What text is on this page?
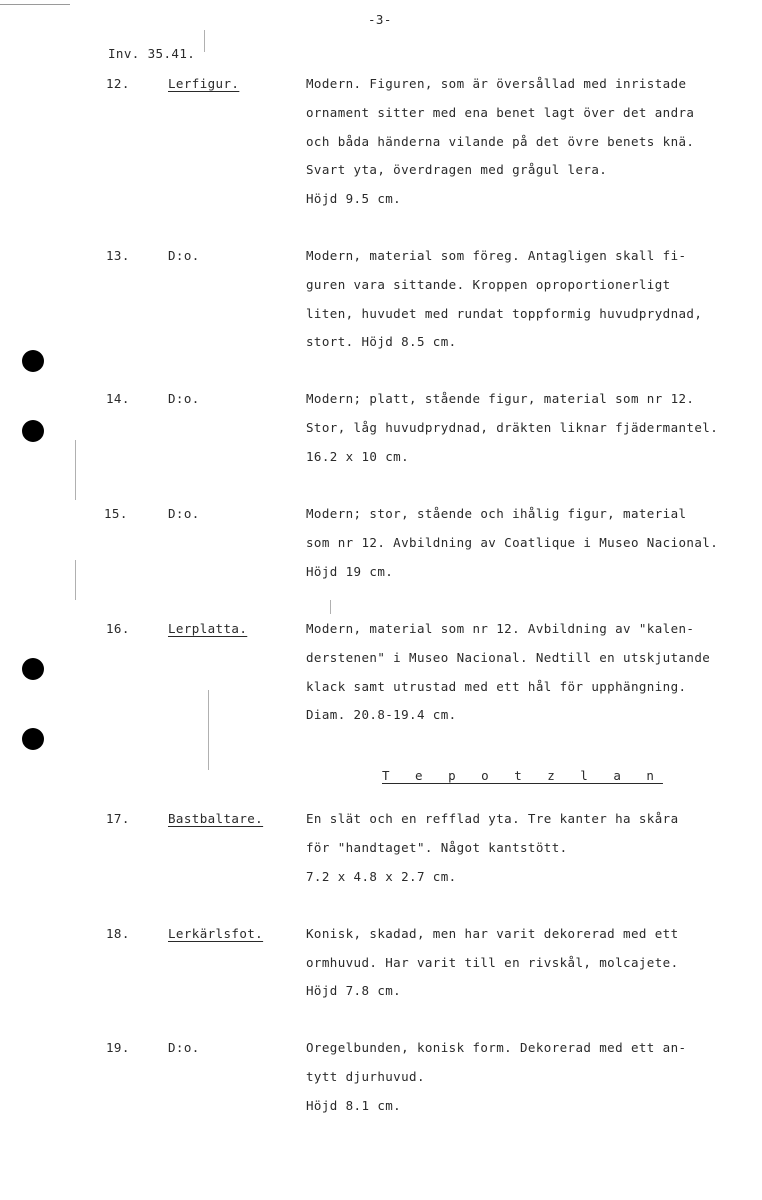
-3-
Inv. 35.41.
12.	Lerfigur.	Modern. Figuren, som är översållad med inristade
ornament sitter med ena benet lagt över det andra
och båda händerna vilande på det övre benets knä.
Svart yta, överdragen med grågul lera.
Höjd 9.5 cm.
13.	D:o.	Modern, material som föreg. Antagligen skall fi-
guren vara sittande. Kroppen oproportionerligt
liten, huvudet med rundat toppformig huvudprydnad,
stort. Höjd 8.5 cm.
14.	D:o.	Modern; platt, stående figur, material som nr 12.
Stor, låg huvudprydnad, dräkten liknar fjädermantel.
16.2 x 10 cm.
15.	D:o.	Modern; stor, stående och ihålig figur, material
som nr 12. Avbildning av Coatlique i Museo Nacional.
Höjd 19 cm.
16.	Lerplatta.	Modern, material som nr 12. Avbildning av "kalen-
derstenen" i Museo Nacional. Nedtill en utskjutande
klack samt utrustad med ett hål för upphängning.
Diam. 20.8-19.4 cm.
T e p o t z l a n
17.	Bastbaltare.	En slät och en refflad yta. Tre kanter ha skåra
för "handtaget". Något kantstött.
7.2 x 4.8 x 2.7 cm.
18.	Lerkärlsfot.	Konisk, skadad, men har varit dekorerad med ett
ormhuvud. Har varit till en rivskål, molcajete.
Höjd 7.8 cm.
19.	D:o.	Oregelbunden, konisk form. Dekorerad med ett an-
tytt djurhuvud.
Höjd 8.1 cm.
